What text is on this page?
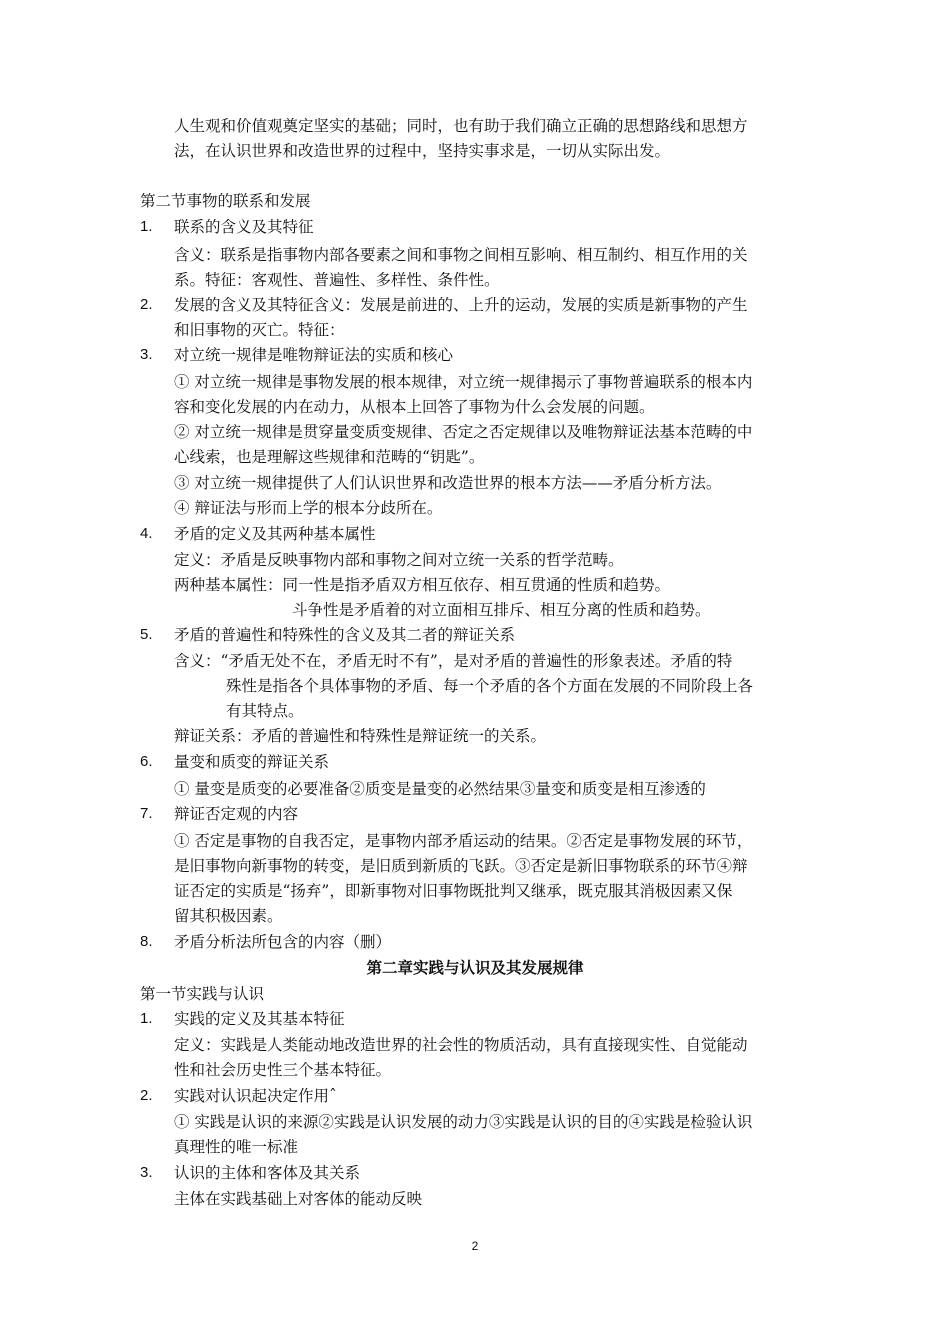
人生观和价值观奠定坚实的基础；同时，也有助于我们确立正确的思想路线和思想方
法，在认识世界和改造世界的过程中，坚持实事求是，一切从实际出发。
第二节事物的联系和发展
1. 联系的含义及其特征
含义：联系是指事物内部各要素之间和事物之间相互影响、相互制约、相互作用的关
系。特征：客观性、普遍性、多样性、条件性。
2. 发展的含义及其特征含义：发展是前进的、上升的运动，发展的实质是新事物的产生
和旧事物的灭亡。特征：
3. 对立统一规律是唯物辩证法的实质和核心
① 对立统一规律是事物发展的根本规律，对立统一规律揭示了事物普遍联系的根本内
容和变化发展的内在动力，从根本上回答了事物为什么会发展的问题。
② 对立统一规律是贯穿量变质变规律、否定之否定规律以及唯物辩证法基本范畴的中
心线索，也是理解这些规律和范畴的“钥匙”。
③ 对立统一规律提供了人们认识世界和改造世界的根本方法——矛盾分析方法。
④ 辩证法与形而上学的根本分歧所在。
4. 矛盾的定义及其两种基本属性
定义：矛盾是反映事物内部和事物之间对立统一关系的哲学范畴。
两种基本属性：同一性是指矛盾双方相互依存、相互贯通的性质和趋势。
斗争性是矛盾着的对立面相互排斥、相互分离的性质和趋势。
5. 矛盾的普遍性和特殊性的含义及其二者的辩证关系
含义：“矛盾无处不在，矛盾无时不有”，是对矛盾的普遍性的形象表述。矛盾的特
殊性是指各个具体事物的矛盾、每一个矛盾的各个方面在发展的不同阶段上各
有其特点。
辩证关系：矛盾的普遍性和特殊性是辩证统一的关系。
6. 量变和质变的辩证关系
① 量变是质变的必要准备②质变是量变的必然结果③量变和质变是相互渗透的
7. 辩证否定观的内容
① 否定是事物的自我否定，是事物内部矛盾运动的结果。②否定是事物发展的环节，
是旧事物向新事物的转变，是旧质到新质的飞跃。③否定是新旧事物联系的环节④辩
证否定的实质是“扬弃”，即新事物对旧事物既批判又继承，既克服其消极因素又保
留其积极因素。
8. 矛盾分析法所包含的内容（删）
第二章实践与认识及其发展规律
第一节实践与认识
1. 实践的定义及其基本特征
定义：实践是人类能动地改造世界的社会性的物质活动，具有直接现实性、自觉能动
性和社会历史性三个基本特征。
2. 实践对认识起决定作用ˆ
① 实践是认识的来源②实践是认识发展的动力③实践是认识的目的④实践是检验认识
真理性的唯一标准
3. 认识的主体和客体及其关系
主体在实践基础上对客体的能动反映
2
